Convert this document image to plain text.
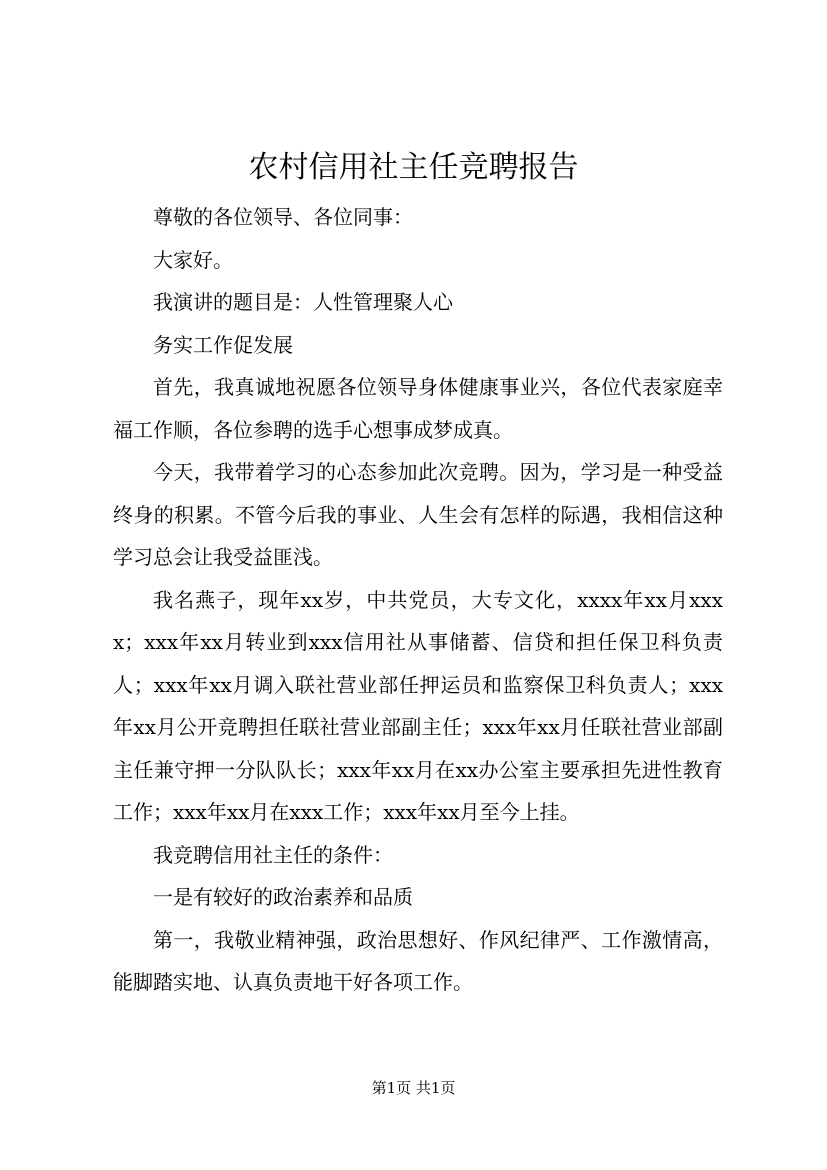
农村信用社主任竞聘报告

尊敬的各位领导、各位同事：

大家好。

我演讲的题目是：人性管理聚人心

务实工作促发展

首先，我真诚地祝愿各位领导身体健康事业兴，各位代表家庭幸福工作顺，各位参聘的选手心想事成梦成真。

今天，我带着学习的心态参加此次竞聘。因为，学习是一种受益终身的积累。不管今后我的事业、人生会有怎样的际遇，我相信这种学习总会让我受益匪浅。

我名燕子，现年xx岁，中共党员，大专文化，xxxx年xx月xxxx；xxx年xx月转业到xxx信用社从事储蓄、信贷和担任保卫科负责人；xxx年xx月调入联社营业部任押运员和监察保卫科负责人；xxx年xx月公开竞聘担任联社营业部副主任；xxx年xx月任联社营业部副主任兼守押一分队队长；xxx年xx月在xx办公室主要承担先进性教育工作；xxx年xx月在xxx工作；xxx年xx月至今上挂。

我竞聘信用社主任的条件：

一是有较好的政治素养和品质

第一，我敬业精神强，政治思想好、作风纪律严、工作激情高，能脚踏实地、认真负责地干好各项工作。

第1页 共1页
